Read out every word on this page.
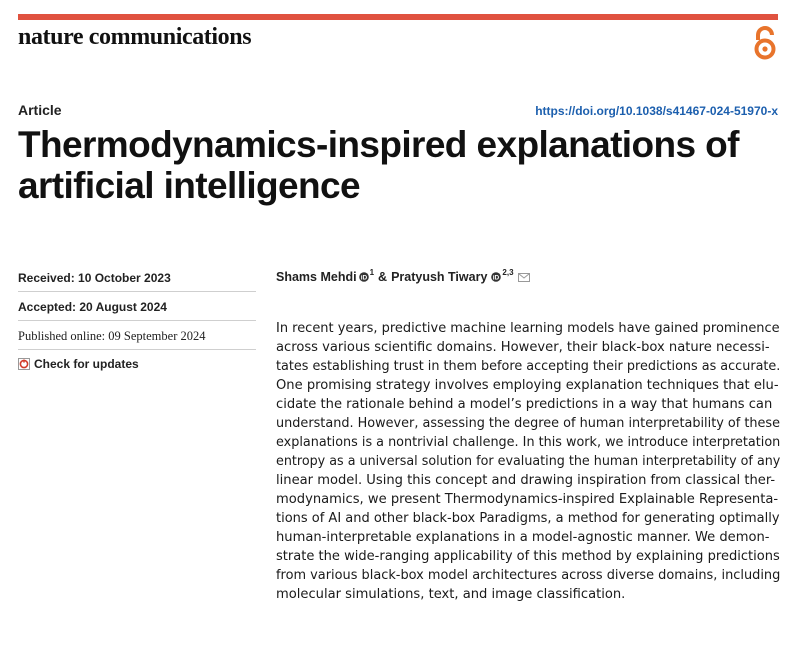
nature communications
Article	https://doi.org/10.1038/s41467-024-51970-x
Thermodynamics-inspired explanations of
artificial intelligence
Received: 10 October 2023
Accepted: 20 August 2024
Published online: 09 September 2024
Check for updates
Shams Mehdi iD
1 & Pratyush Tiwary iD
2,3
In recent years, predictive machine learning models have gained prominence
across various scientific domains. However, their black-box nature necessi-
tates establishing trust in them before accepting their predictions as accurate.
One promising strategy involves employing explanation techniques that elu-
cidate the rationale behind a model’s predictions in a way that humans can
understand. However, assessing the degree of human interpretability of these
explanations is a nontrivial challenge. In this work, we introduce interpretation
entropy as a universal solution for evaluating the human interpretability of any
linear model. Using this concept and drawing inspiration from classical ther-
modynamics, we present Thermodynamics-inspired Explainable Representa-
tions of AI and other black-box Paradigms, a method for generating optimally
human-interpretable explanations in a model-agnostic manner. We demon-
strate the wide-ranging applicability of this method by explaining predictions
from various black-box model architectures across diverse domains, including
molecular simulations, text, and image classification.
